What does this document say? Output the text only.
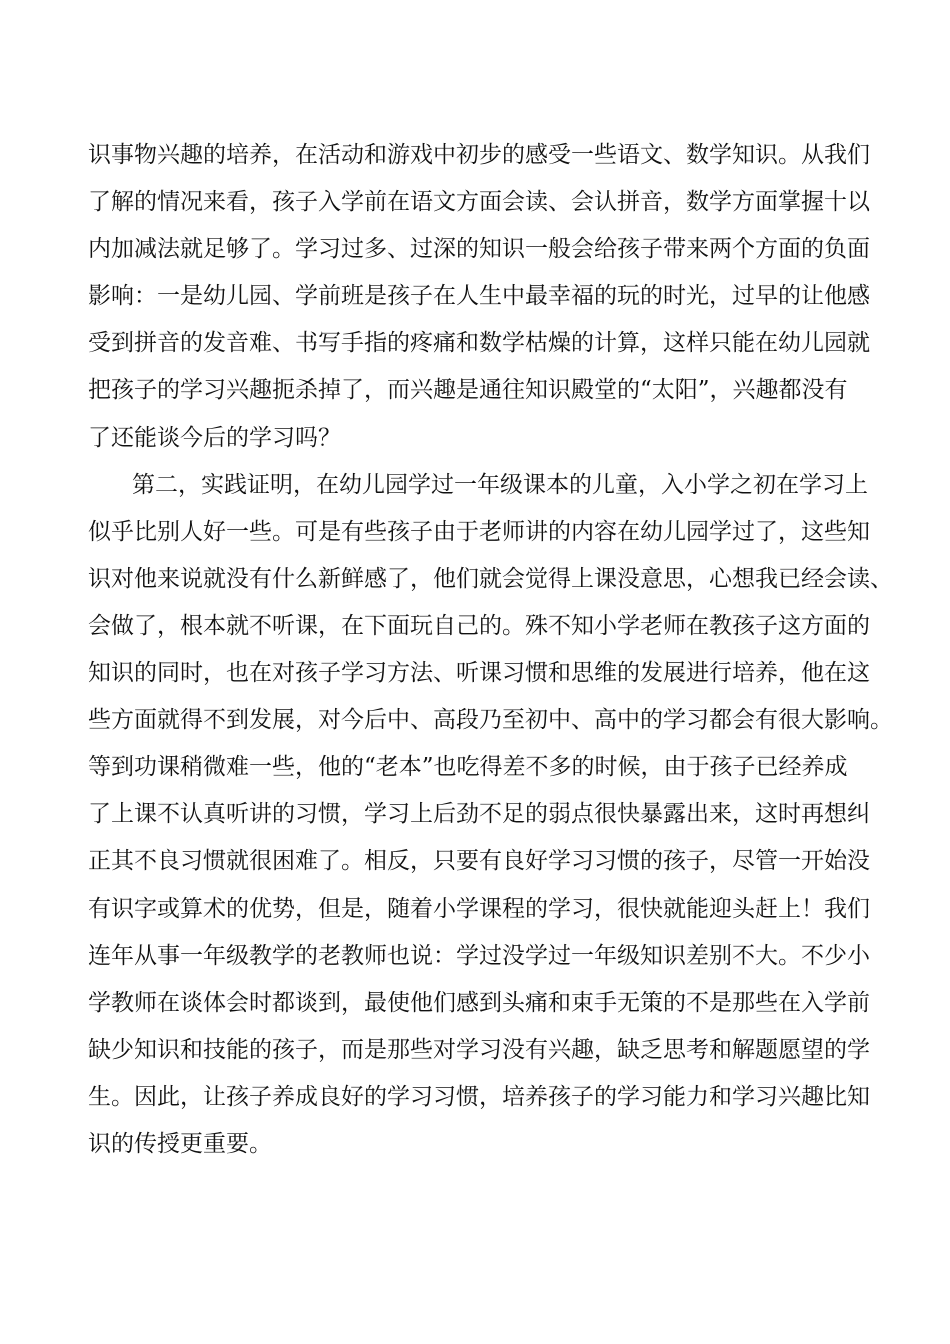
识事物兴趣的培养，在活动和游戏中初步的感受一些语文、数学知识。从我们
了解的情况来看，孩子入学前在语文方面会读、会认拼音，数学方面掌握十以
内加减法就足够了。学习过多、过深的知识一般会给孩子带来两个方面的负面
影响：一是幼儿园、学前班是孩子在人生中最幸福的玩的时光，过早的让他感
受到拼音的发音难、书写手指的疼痛和数学枯燥的计算，这样只能在幼儿园就
把孩子的学习兴趣扼杀掉了，而兴趣是通往知识殿堂的“太阳”，兴趣都没有
了还能谈今后的学习吗？
第二，实践证明，在幼儿园学过一年级课本的儿童，入小学之初在学习上
似乎比别人好一些。可是有些孩子由于老师讲的内容在幼儿园学过了，这些知
识对他来说就没有什么新鲜感了，他们就会觉得上课没意思，心想我已经会读、
会做了，根本就不听课，在下面玩自己的。殊不知小学老师在教孩子这方面的
知识的同时，也在对孩子学习方法、听课习惯和思维的发展进行培养，他在这
些方面就得不到发展，对今后中、高段乃至初中、高中的学习都会有很大影响。
等到功课稍微难一些，他的“老本”也吃得差不多的时候，由于孩子已经养成
了上课不认真听讲的习惯，学习上后劲不足的弱点很快暴露出来，这时再想纠
正其不良习惯就很困难了。相反，只要有良好学习习惯的孩子，尽管一开始没
有识字或算术的优势，但是，随着小学课程的学习，很快就能迎头赶上！我们
连年从事一年级教学的老教师也说：学过没学过一年级知识差别不大。不少小
学教师在谈体会时都谈到，最使他们感到头痛和束手无策的不是那些在入学前
缺少知识和技能的孩子，而是那些对学习没有兴趣，缺乏思考和解题愿望的学
生。因此，让孩子养成良好的学习习惯，培养孩子的学习能力和学习兴趣比知
识的传授更重要。
